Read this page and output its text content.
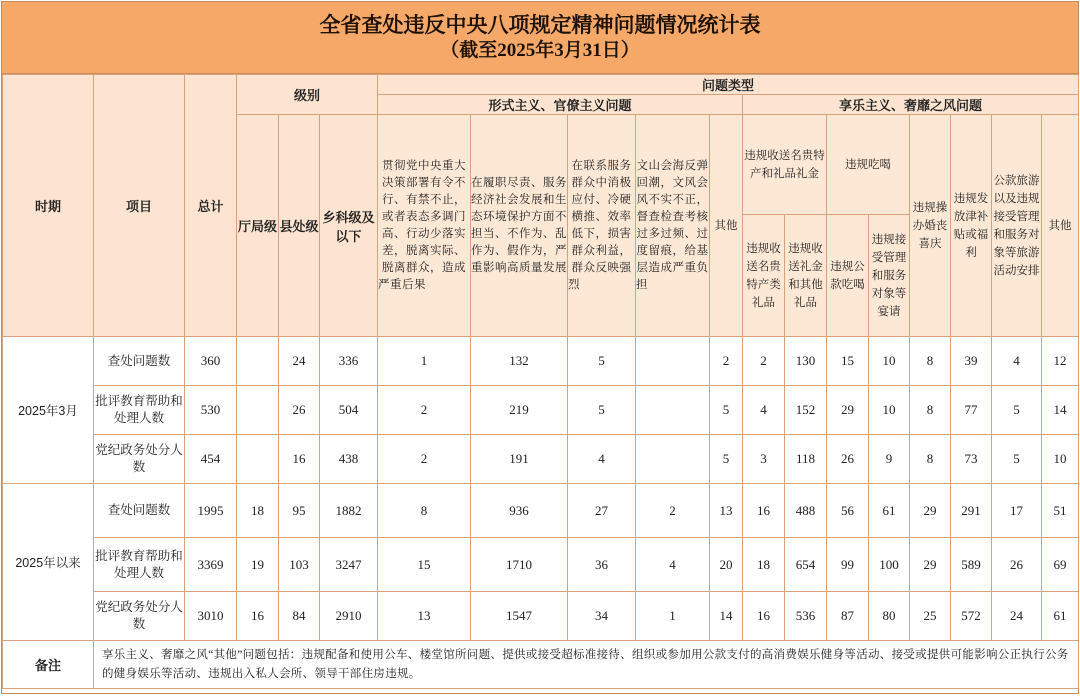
全省查处违反中央八项规定精神问题情况统计表
（截至2025年3月31日）
时期	项目	总计	级别			问题类型												
						形式主义、官僚主义问题					享乐主义、奢靡之风问题							
			厅局级	县处级	乡科级及以下	贯彻党中央重大决策部署有令不行、有禁不止，或者表态多调门高、行动少落实差，脱离实际、脱离群众，造成严重后果	在履职尽责、服务经济社会发展和生态环境保护方面不担当、不作为、乱作为、假作为，严重影响高质量发展	在联系服务群众中消极应付、冷硬横推、效率低下，损害群众利益，群众反映强烈	文山会海反弹回潮，文风会风不实不正，督查检查考核过多过频、过度留痕，给基层造成严重负担	其他	违规收送名贵特产和礼品礼金		违规吃喝		违规操办婚丧喜庆	违规发放津补贴或福利	公款旅游以及违规接受管理和服务对象等旅游活动安排	其他
											违规收送名贵特产类礼品	违规收送礼金和其他礼品	违规公款吃喝	违规接受管理和服务对象等宴请				
2025年3月	查处问题数	360		24	336	1	132	5		2	2	130	15	10	8	39	4	12
	批评教育帮助和处理人数	530		26	504	2	219	5		5	4	152	29	10	8	77	5	14
	党纪政务处分人数	454		16	438	2	191	4		5	3	118	26	9	8	73	5	10
2025年以来	查处问题数	1995	18	95	1882	8	936	27	2	13	16	488	56	61	29	291	17	51
	批评教育帮助和处理人数	3369	19	103	3247	15	1710	36	4	20	18	654	99	100	29	589	26	69
	党纪政务处分人数	3010	16	84	2910	13	1547	34	1	14	16	536	87	80	25	572	24	61
备注	享乐主义、奢靡之风“其他”问题包括：违规配备和使用公车、楼堂馆所问题、提供或接受超标准接待、组织或参加用公款支付的高消费娱乐健身等活动、接受或提供可能影响公正执行公务的健身娱乐等活动、违规出入私人会所、领导干部住房违规。																	
